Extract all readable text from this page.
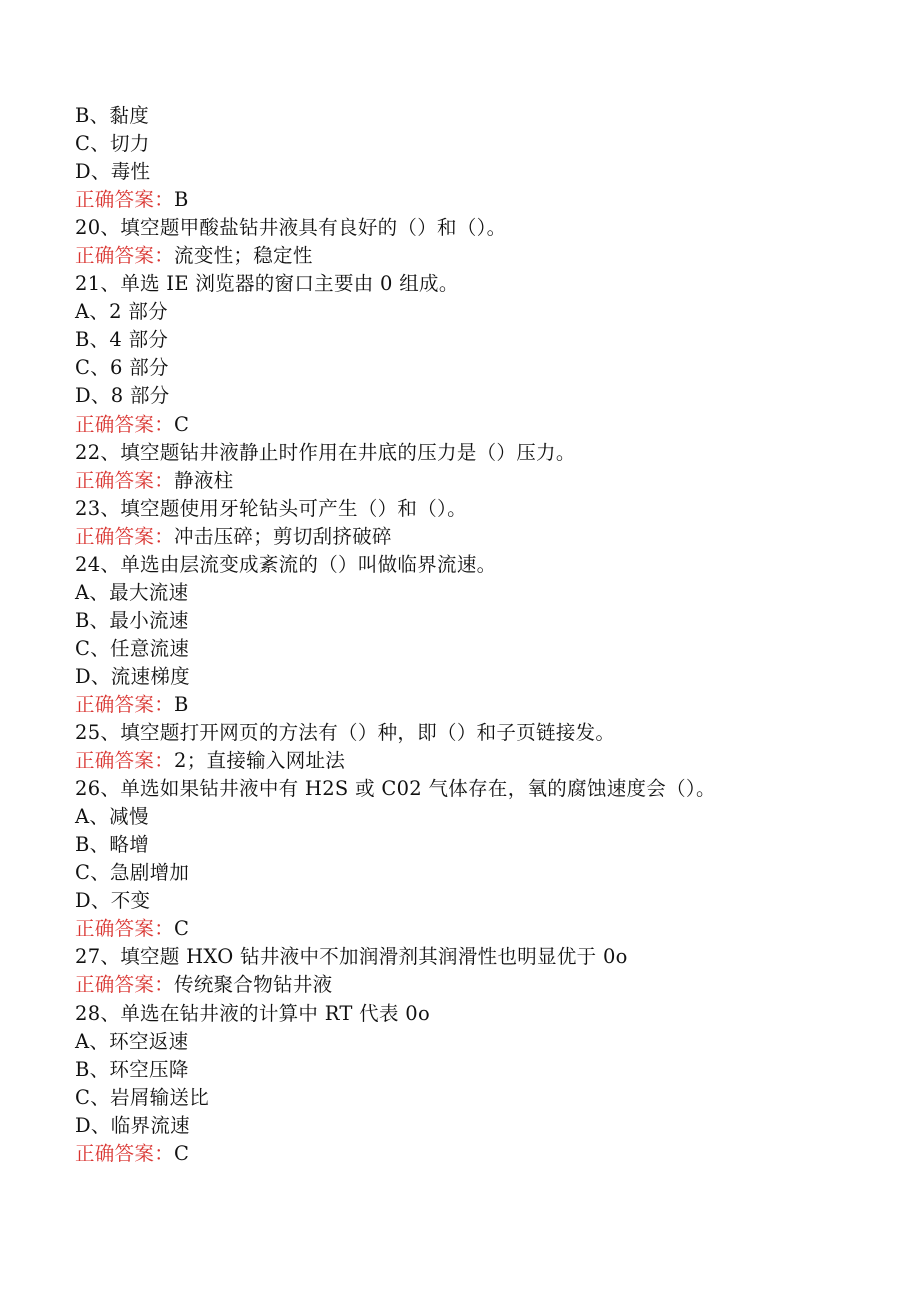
B、黏度
C、切力
D、毒性
正确答案：B
20、填空题甲酸盐钻井液具有良好的（）和（）。
正确答案：流变性；稳定性
21、单选 IE 浏览器的窗口主要由 0 组成。
A、2 部分
B、4 部分
C、6 部分
D、8 部分
正确答案：C
22、填空题钻井液静止时作用在井底的压力是（）压力。
正确答案：静液柱
23、填空题使用牙轮钻头可产生（）和（）。
正确答案：冲击压碎；剪切刮挤破碎
24、单选由层流变成紊流的（）叫做临界流速。
A、最大流速
B、最小流速
C、任意流速
D、流速梯度
正确答案：B
25、填空题打开网页的方法有（）种，即（）和子页链接发。
正确答案：2；直接输入网址法
26、单选如果钻井液中有 H2S 或 C02 气体存在，氧的腐蚀速度会（）。
A、减慢
B、略增
C、急剧增加
D、不变
正确答案：C
27、填空题 HXO 钻井液中不加润滑剂其润滑性也明显优于 0o
正确答案：传统聚合物钻井液
28、单选在钻井液的计算中 RT 代表 0o
A、环空返速
B、环空压降
C、岩屑输送比
D、临界流速
正确答案：C
